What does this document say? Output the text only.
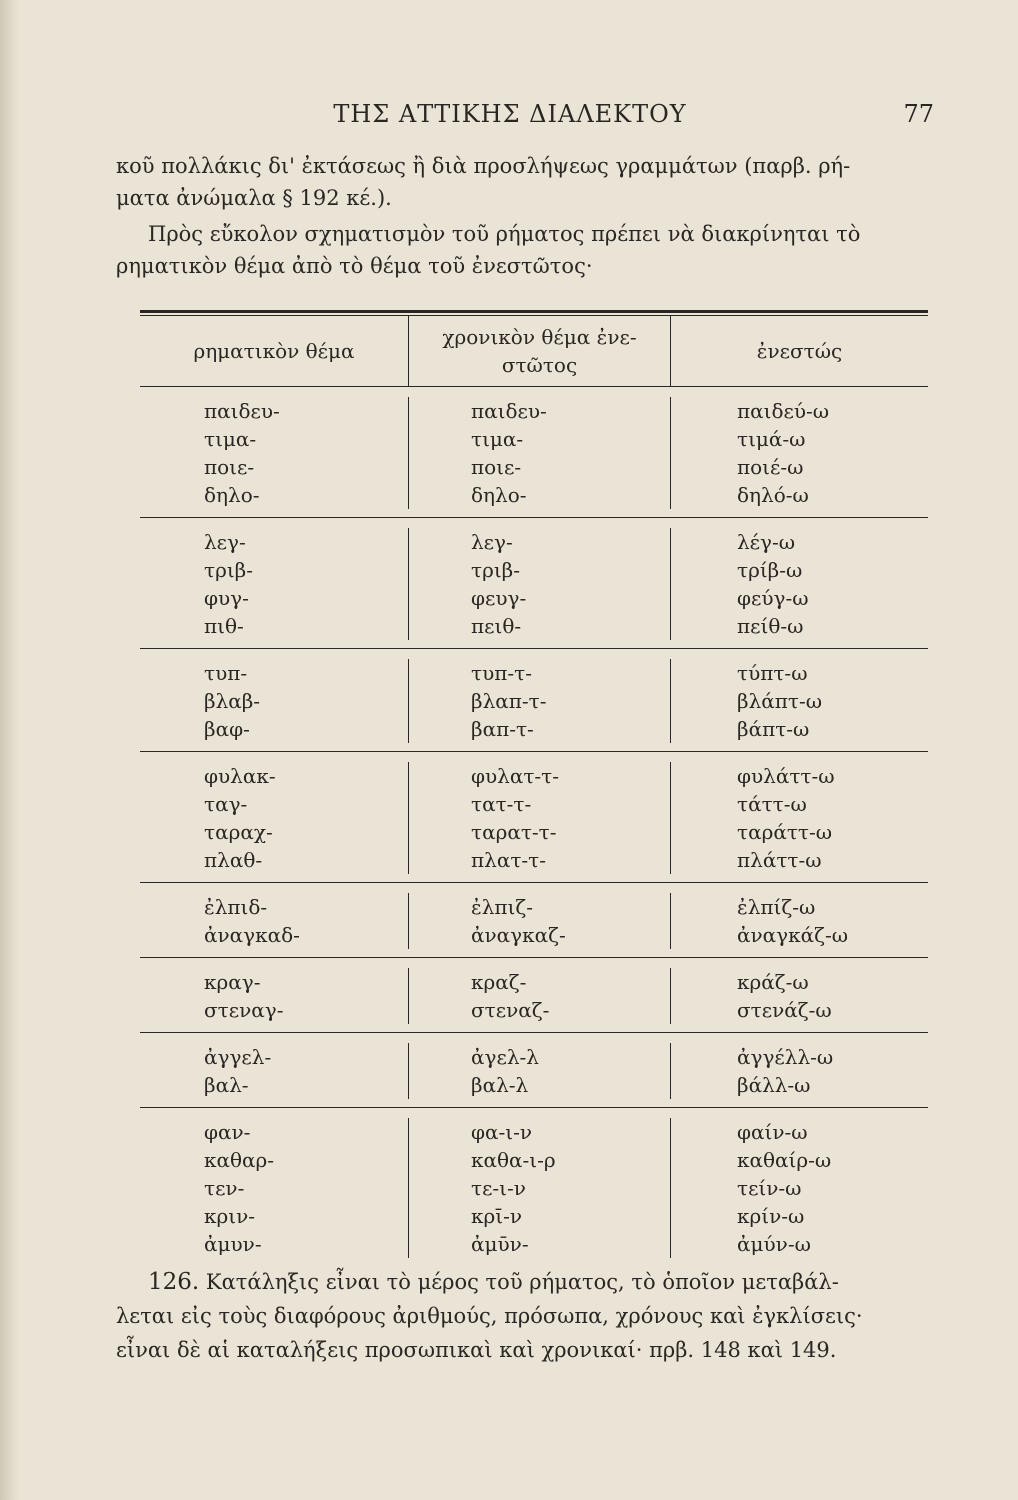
ΤΗΣ ΑΤΤΙΚΗΣ ΔΙΑΛΕΚΤΟΥ	77
κοῦ πολλάκις δι' ἐκτάσεως ἢ διὰ προσλήψεως γραμμάτων (παρβ. ρή-
ματα ἀνώμαλα § 192 κέ.).
Πρὸς εὔκολον σχηματισμὸν τοῦ ρήματος πρέπει νὰ διακρίνηται τὸ
ρηματικὸν θέμα ἀπὸ τὸ θέμα τοῦ ἐνεστῶτος·
ρηματικὸν θέμα
χρονικὸν θέμα ἐνε-
στῶτος
ἐνεστώς
παιδευ-
τιμα-
ποιε-
δηλο-
παιδευ-
τιμα-
ποιε-
δηλο-
παιδεύ-ω
τιμά-ω
ποιέ-ω
δηλό-ω
λεγ-
τριβ-
φυγ-
πιθ-
λεγ-
τριβ-
φευγ-
πειθ-
λέγ-ω
τρίβ-ω
φεύγ-ω
πείθ-ω
τυπ-
βλαβ-
βαφ-
τυπ-τ-
βλαπ-τ-
βαπ-τ-
τύπτ-ω
βλάπτ-ω
βάπτ-ω
φυλακ-
ταγ-
ταραχ-
πλαθ-
φυλατ-τ-
τατ-τ-
ταρατ-τ-
πλατ-τ-
φυλάττ-ω
τάττ-ω
ταράττ-ω
πλάττ-ω
ἐλπιδ-
ἀναγκαδ-
ἐλπιζ-
ἀναγκαζ-
ἐλπίζ-ω
ἀναγκάζ-ω
κραγ-
στεναγ-
κραζ-
στεναζ-
κράζ-ω
στενάζ-ω
ἀγγελ-
βαλ-
ἀγελ-λ
βαλ-λ
ἀγγέλλ-ω
βάλλ-ω
φαν-
καθαρ-
τεν-
κριν-
ἀμυν-
φα-ι-ν
καθα-ι-ρ
τε-ι-ν
κρῑ-ν
ἀμῡν-
φαίν-ω
καθαίρ-ω
τείν-ω
κρίν-ω
ἀμύν-ω
126. Κατάληξις εἶναι τὸ μέρος τοῦ ρήματος, τὸ ὁποῖον μεταβάλ-
λεται εἰς τοὺς διαφόρους ἀριθμούς, πρόσωπα, χρόνους καὶ ἐγκλίσεις·
εἶναι δὲ αἱ καταλήξεις προσωπικαὶ καὶ χρονικαί· πρβ. 148 καὶ 149.
